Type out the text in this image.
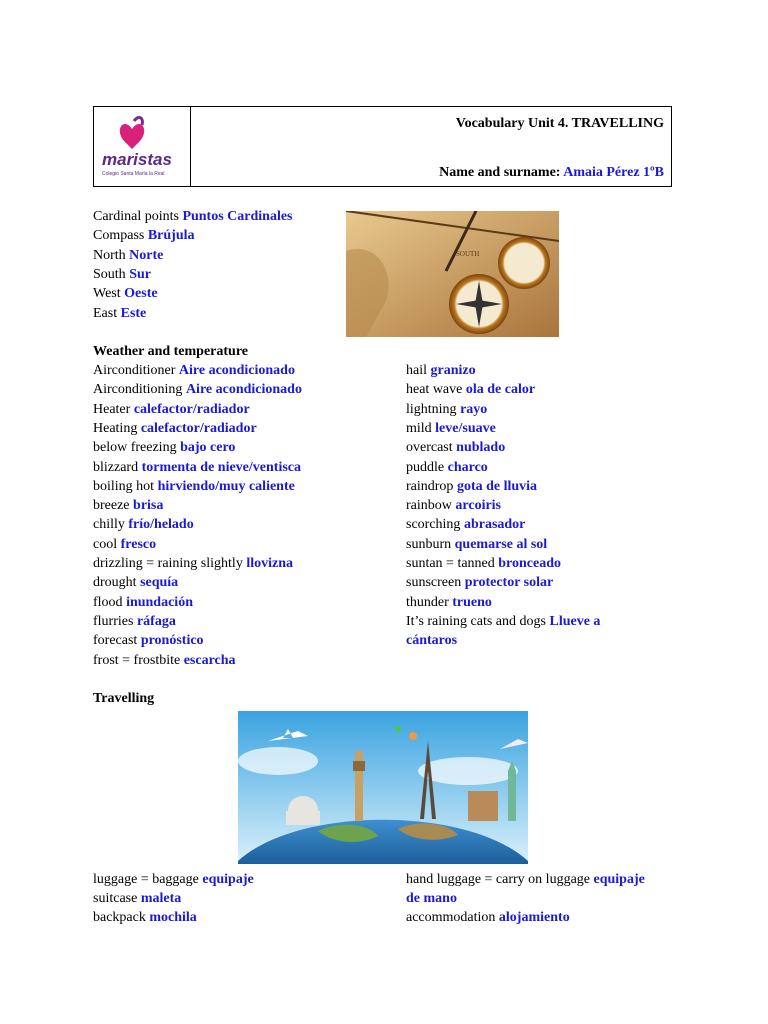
maristas
Colegio Santa María la Real
Vocabulary Unit 4. TRAVELLING
Name and surname: Amaia Pérez 1ºB
Cardinal points Puntos Cardinales
Compass Brújula
North Norte
South Sur
West Oeste
East Este
SOUTH
Weather and temperature
Airconditioner Aire acondicionado
Airconditioning Aire acondicionado
Heater calefactor/radiador
Heating calefactor/radiador
below freezing bajo cero
blizzard tormenta de nieve/ventisca
boiling hot hirviendo/muy caliente
breeze brisa
chilly frío/helado
cool fresco
drizzling = raining slightly llovizna
drought sequía
flood inundación
flurries ráfaga
forecast pronóstico
frost = frostbite escarcha
hail granizo
heat wave ola de calor
lightning rayo
mild leve/suave
overcast nublado
puddle charco
raindrop gota de lluvia
rainbow arcoiris
scorching abrasador
sunburn quemarse al sol
suntan = tanned bronceado
sunscreen protector solar
thunder trueno
It’s raining cats and dogs Llueve a
cántaros
Travelling
luggage = baggage equipaje
suitcase maleta
backpack mochila
hand luggage = carry on luggage equipaje
de mano
accommodation alojamiento
